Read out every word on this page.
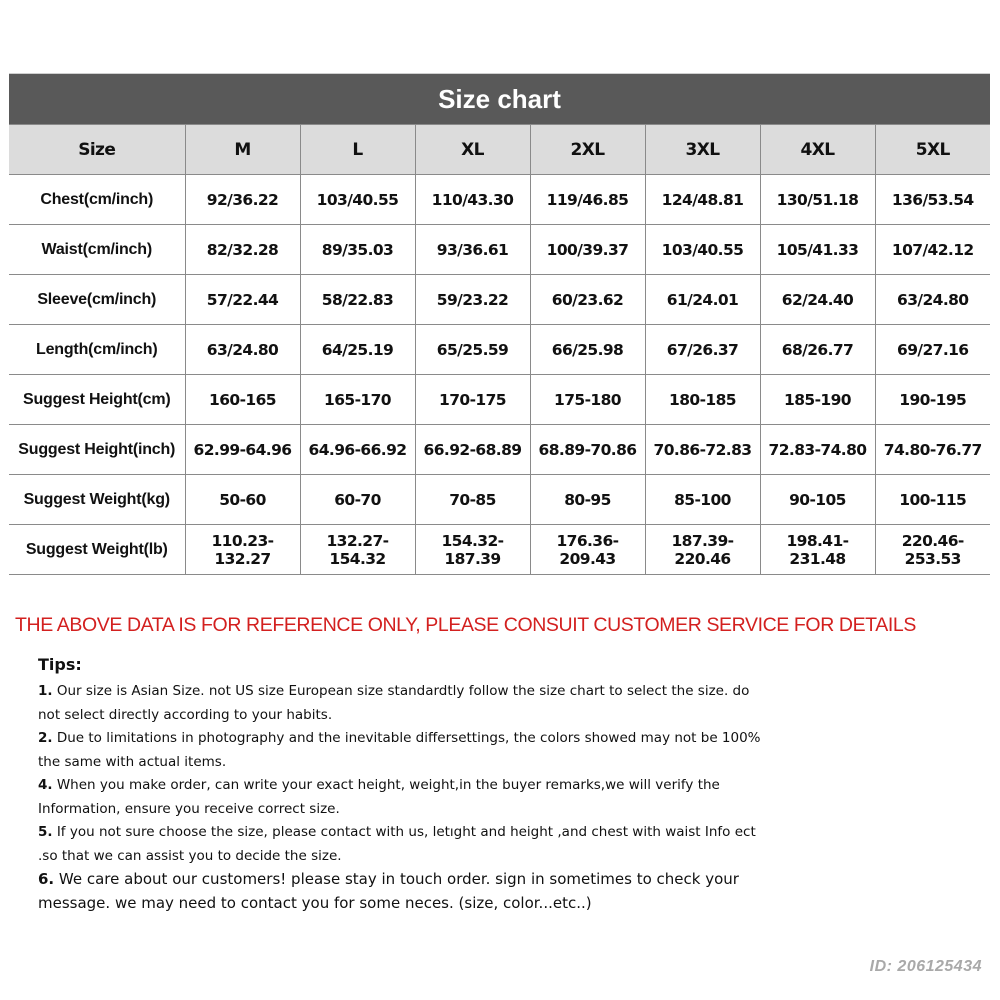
Size chart
Size	M	L	XL	2XL	3XL	4XL	5XL
Chest(cm/inch)	92/36.22	103/40.55	110/43.30	119/46.85	124/48.81	130/51.18	136/53.54
Waist(cm/inch)	82/32.28	89/35.03	93/36.61	100/39.37	103/40.55	105/41.33	107/42.12
Sleeve(cm/inch)	57/22.44	58/22.83	59/23.22	60/23.62	61/24.01	62/24.40	63/24.80
Length(cm/inch)	63/24.80	64/25.19	65/25.59	66/25.98	67/26.37	68/26.77	69/27.16
Suggest Height(cm)	160-165	165-170	170-175	175-180	180-185	185-190	190-195
Suggest Height(inch)	62.99-64.96	64.96-66.92	66.92-68.89	68.89-70.86	70.86-72.83	72.83-74.80	74.80-76.77
Suggest Weight(kg)	50-60	60-70	70-85	80-95	85-100	90-105	100-115
Suggest Weight(lb)	110.23-132.27	132.27-154.32	154.32-187.39	176.36-209.43	187.39-220.46	198.41-231.48	220.46-253.53
THE ABOVE DATA IS FOR REFERENCE ONLY, PLEASE CONSUIT CUSTOMER SERVICE FOR DETAILS
Tips:
1. Our size is Asian Size. not US size European size standardtly follow the size chart to select the size. do
not select directly according to your habits.
2. Due to limitations in photography and the inevitable differsettings, the colors showed may not be 100%
the same with actual items.
4. When you make order, can write your exact height, weight,in the buyer remarks,we will verify the
Information, ensure you receive correct size.
5. If you not sure choose the size, please contact with us, letıght and height ,and chest with waist Info ect
.so that we can assist you to decide the size.
6. We care about our customers! please stay in touch order. sign in sometimes to check your
message. we may need to contact you for some neces. (size, color...etc..)
ID: 206125434
